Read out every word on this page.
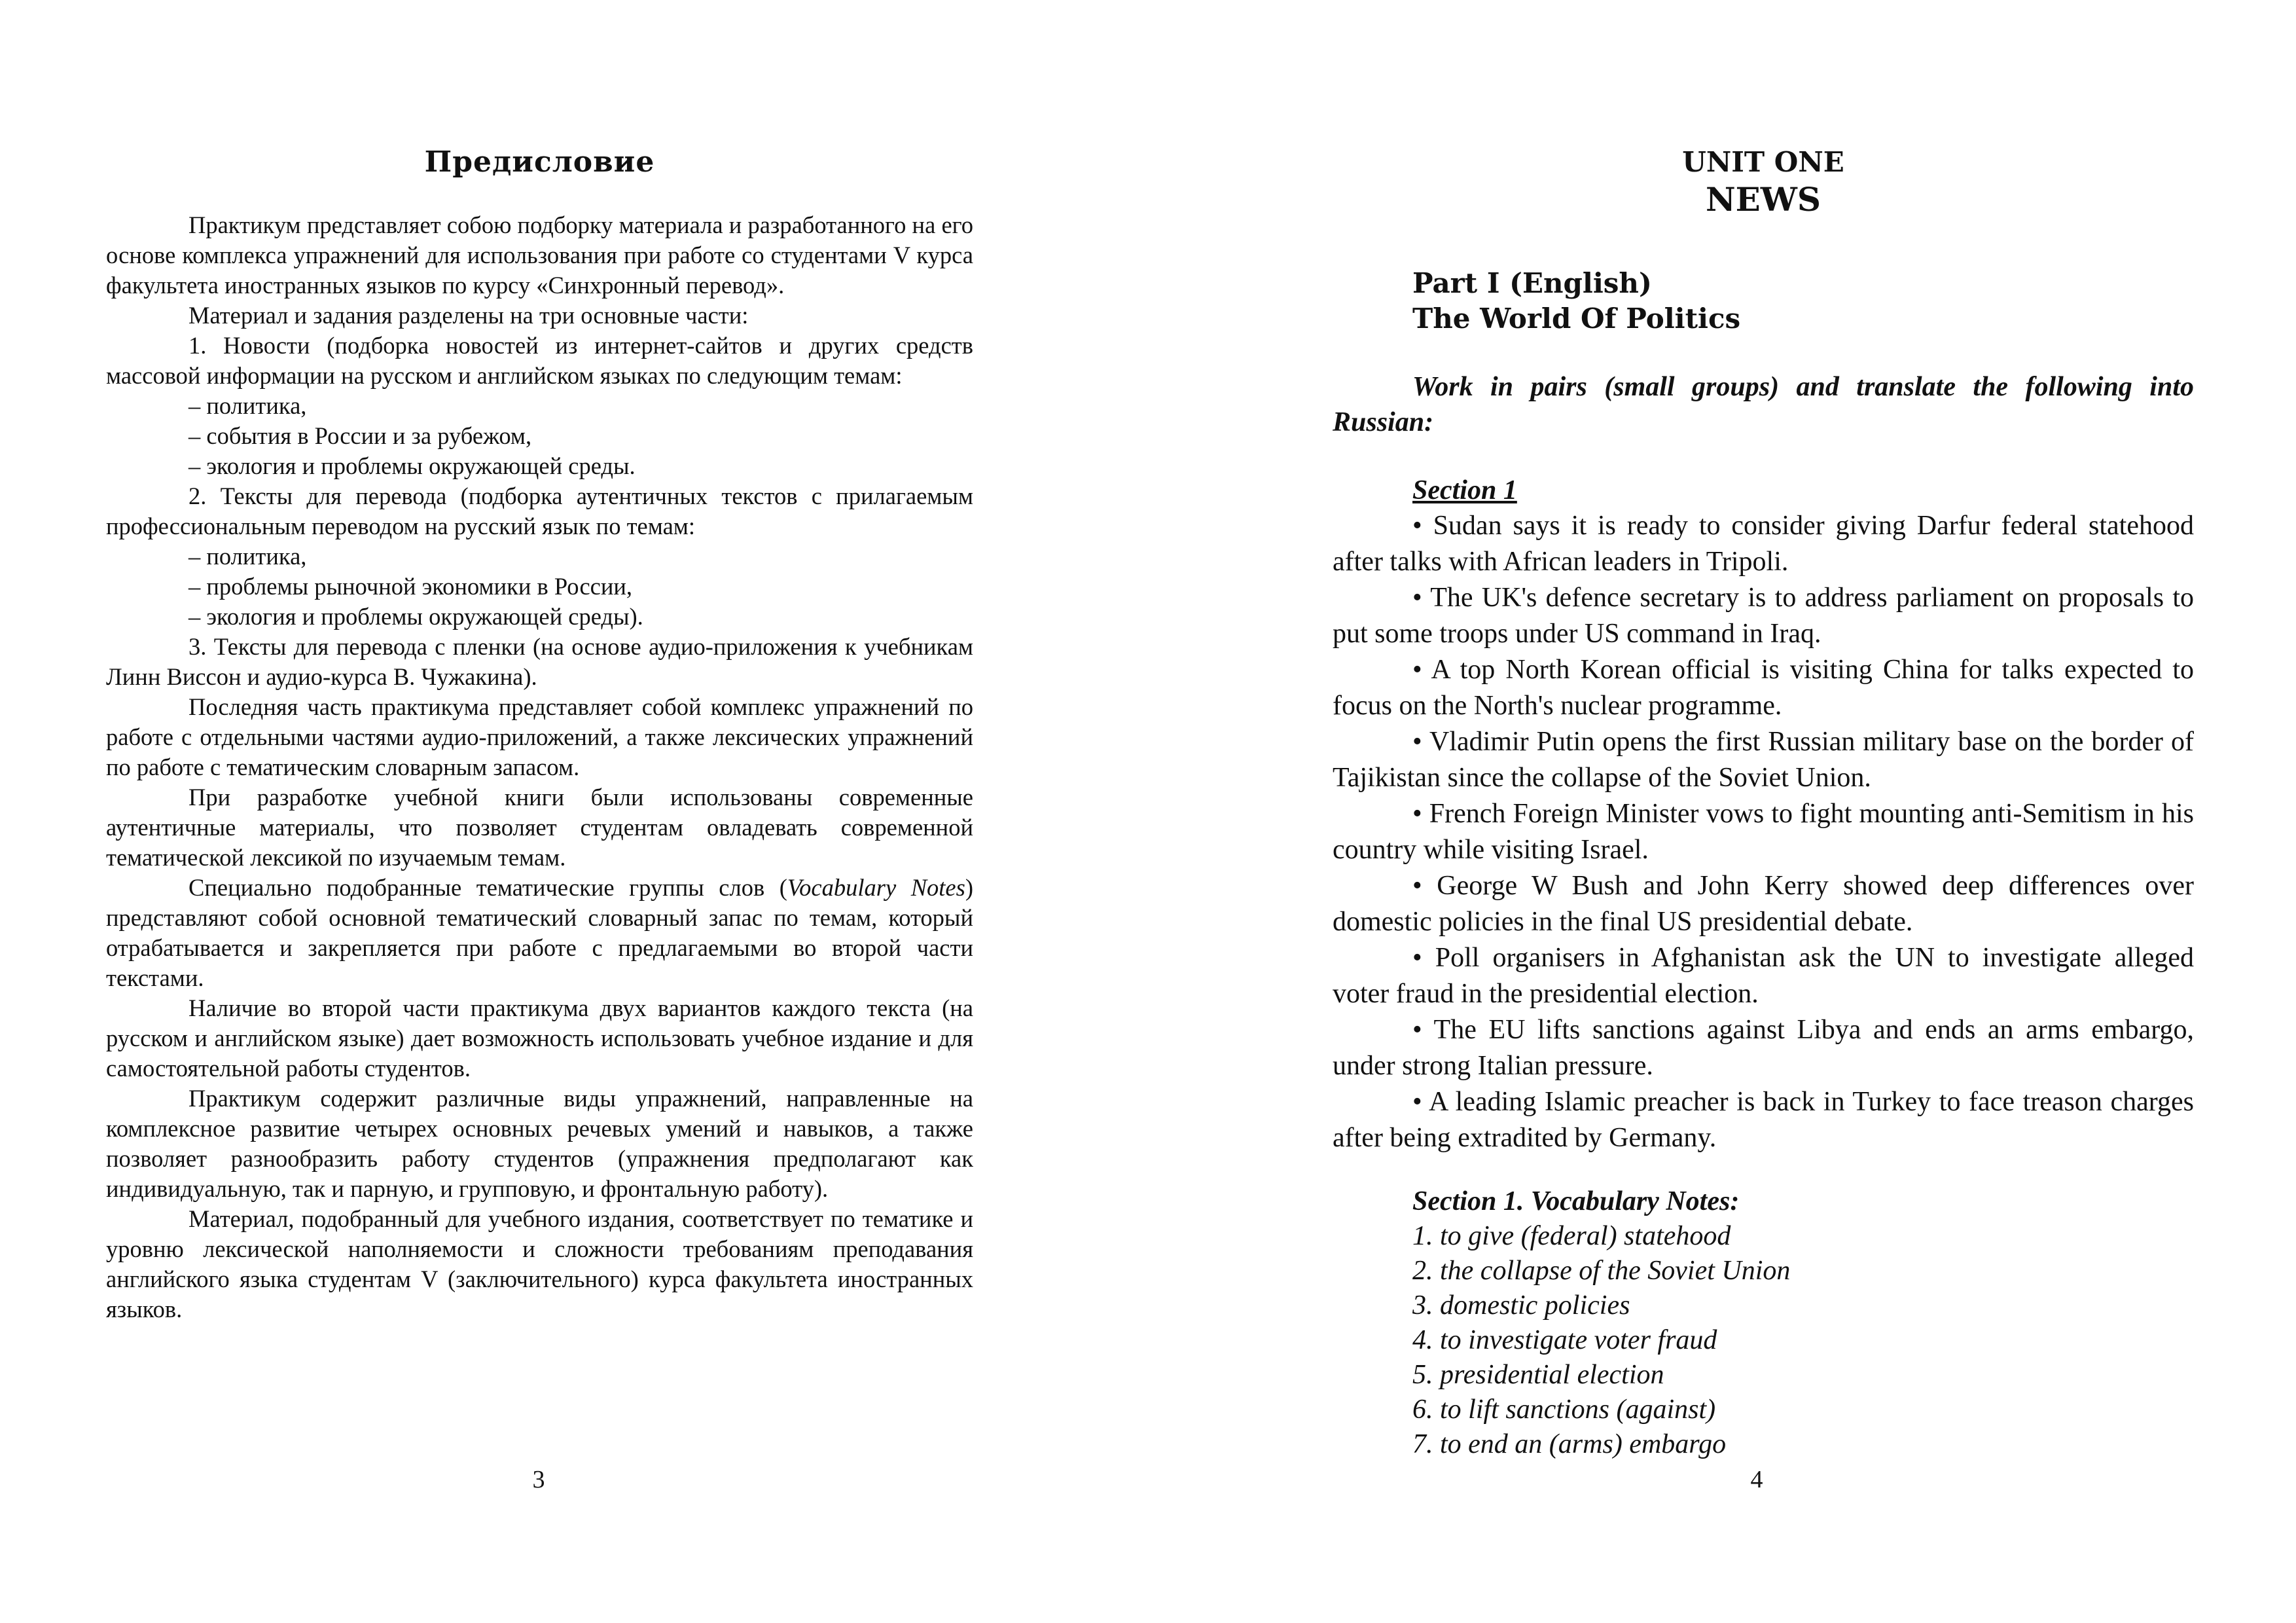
Предисловие

Практикум представляет собою подборку материала и разработанного на его основе комплекса упражнений для использования при работе со студентами V курса факультета иностранных языков по курсу «Синхронный перевод».

Материал и задания разделены на три основные части:

1. Новости (подборка новостей из интернет-сайтов и других средств массовой информации на русском и английском языках по следующим темам:

– политика,

– события в России и за рубежом,

– экология и проблемы окружающей среды.

2. Тексты для перевода (подборка аутентичных текстов с прилагаемым профессиональным переводом на русский язык по темам:

– политика,

– проблемы рыночной экономики в России,

– экология и проблемы окружающей среды).

3. Тексты для перевода с пленки (на основе аудио-приложения к учебникам Линн Виссон и аудио-курса В. Чужакина).

Последняя часть практикума представляет собой комплекс упражнений по работе с отдельными частями аудио-приложений, а также лексических упражнений по работе с тематическим словарным запасом.

При разработке учебной книги были использованы современные аутентичные материалы, что позволяет студентам овладевать современной тематической лексикой по изучаемым темам.

Специально подобранные тематические группы слов (Vocabulary Notes) представляют собой основной тематический словарный запас по темам, который отрабатывается и закрепляется при работе с предлагаемыми во второй части текстами.

Наличие во второй части практикума двух вариантов каждого текста (на русском и английском языке) дает возможность использовать учебное издание и для самостоятельной работы студентов.

Практикум содержит различные виды упражнений, направленные на комплексное развитие четырех основных речевых умений и навыков, а также позволяет разнообразить работу студентов (упражнения предполагают как индивидуальную, так и парную, и групповую, и фронтальную работу).

Материал, подобранный для учебного издания, соответствует по тематике и уровню лексической наполняемости и сложности требованиям преподавания английского языка студентам V (заключительного) курса факультета иностранных языков.

3
UNIT ONE
NEWS
Part I (English)
The World Of Politics

Work in pairs (small groups) and translate the following into Russian:

Section 1

• Sudan says it is ready to consider giving Darfur federal statehood after talks with African leaders in Tripoli.
• The UK's defence secretary is to address parliament on proposals to put some troops under US command in Iraq.
• A top North Korean official is visiting China for talks expected to focus on the North's nuclear programme.
• Vladimir Putin opens the first Russian military base on the border of Tajikistan since the collapse of the Soviet Union.
• French Foreign Minister vows to fight mounting anti-Semitism in his country while visiting Israel.
• George W Bush and John Kerry showed deep differences over domestic policies in the final US presidential debate.
• Poll organisers in Afghanistan ask the UN to investigate alleged voter fraud in the presidential election.
• The EU lifts sanctions against Libya and ends an arms embargo, under strong Italian pressure.
• A leading Islamic preacher is back in Turkey to face treason charges after being extradited by Germany.

Section 1. Vocabulary Notes:

1. to give (federal) statehood
2. the collapse of the Soviet Union
3. domestic policies
4. to investigate voter fraud
5. presidential election
6. to lift sanctions (against)
7. to end an (arms) embargo
4
